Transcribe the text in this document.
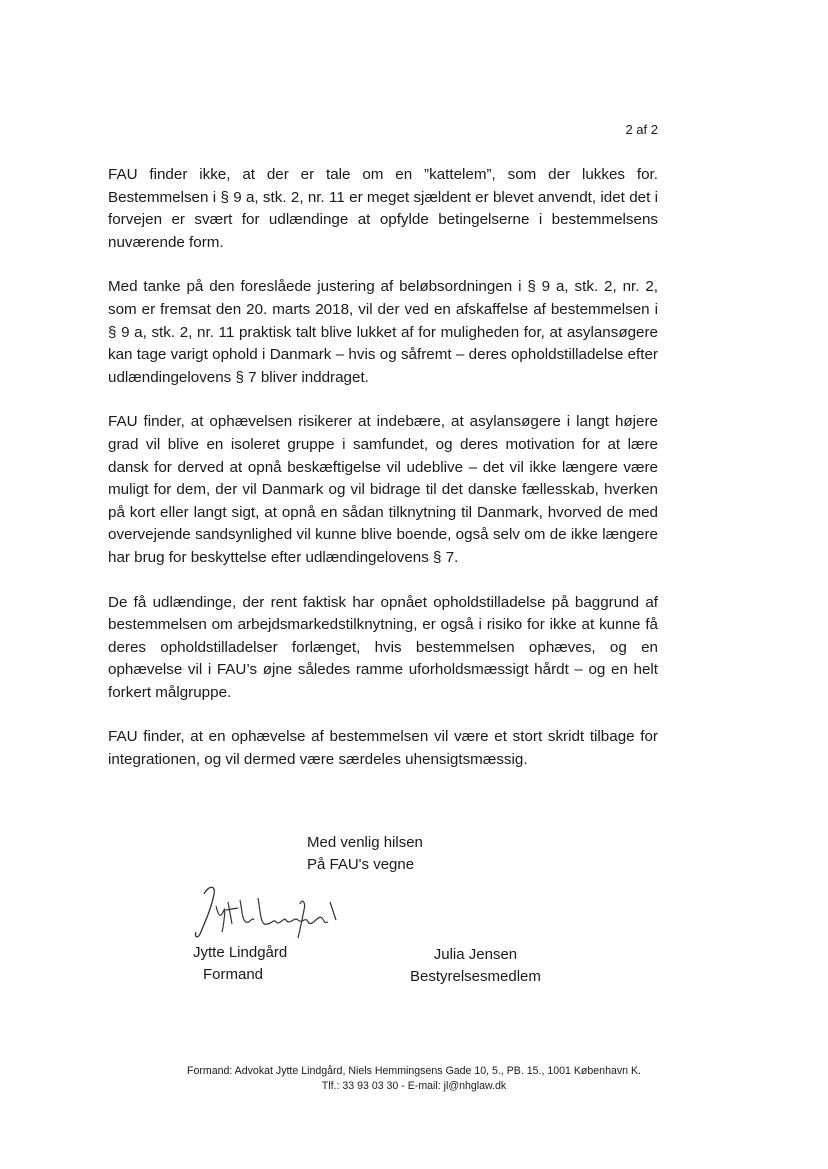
2 af 2

FAU finder ikke, at der er tale om en ”kattelem”, som der lukkes for. Bestemmelsen i § 9 a, stk. 2, nr. 11 er meget sjældent er blevet anvendt, idet det i forvejen er svært for udlændinge at opfylde betingelserne i bestemmelsens nuværende form.

Med tanke på den foreslåede justering af beløbsordningen i § 9 a, stk. 2, nr. 2, som er fremsat den 20. marts 2018, vil der ved en afskaffelse af bestemmelsen i § 9 a, stk. 2, nr. 11 praktisk talt blive lukket af for muligheden for, at asylansøgere kan tage varigt ophold i Danmark – hvis og såfremt – deres opholdstilladelse efter udlændingelovens § 7 bliver inddraget.

FAU finder, at ophævelsen risikerer at indebære, at asylansøgere i langt højere grad vil blive en isoleret gruppe i samfundet, og deres motivation for at lære dansk for derved at opnå beskæftigelse vil udeblive – det vil ikke længere være muligt for dem, der vil Danmark og vil bidrage til det danske fællesskab, hverken på kort eller langt sigt, at opnå en sådan tilknytning til Danmark, hvorved de med overvejende sandsynlighed vil kunne blive boende, også selv om de ikke længere har brug for beskyttelse efter udlændingelovens § 7.

De få udlændinge, der rent faktisk har opnået opholdstilladelse på baggrund af bestemmelsen om arbejdsmarkedstilknytning, er også i risiko for ikke at kunne få deres opholdstilladelser forlænget, hvis bestemmelsen ophæves, og en ophævelse vil i FAU’s øjne således ramme uforholdsmæssigt hårdt – og en helt forkert målgruppe.

FAU finder, at en ophævelse af bestemmelsen vil være et stort skridt tilbage for integrationen, og vil dermed være særdeles uhensigtsmæssig.

Med venlig hilsen
På FAU's vegne
Jytte Lindgård
Formand
Julia Jensen
Bestyrelsesmedlem
Formand: Advokat Jytte Lindgård, Niels Hemmingsens Gade 10, 5., PB. 15., 1001 København K.
Tlf.: 33 93 03 30 - E-mail: jl@nhglaw.dk
